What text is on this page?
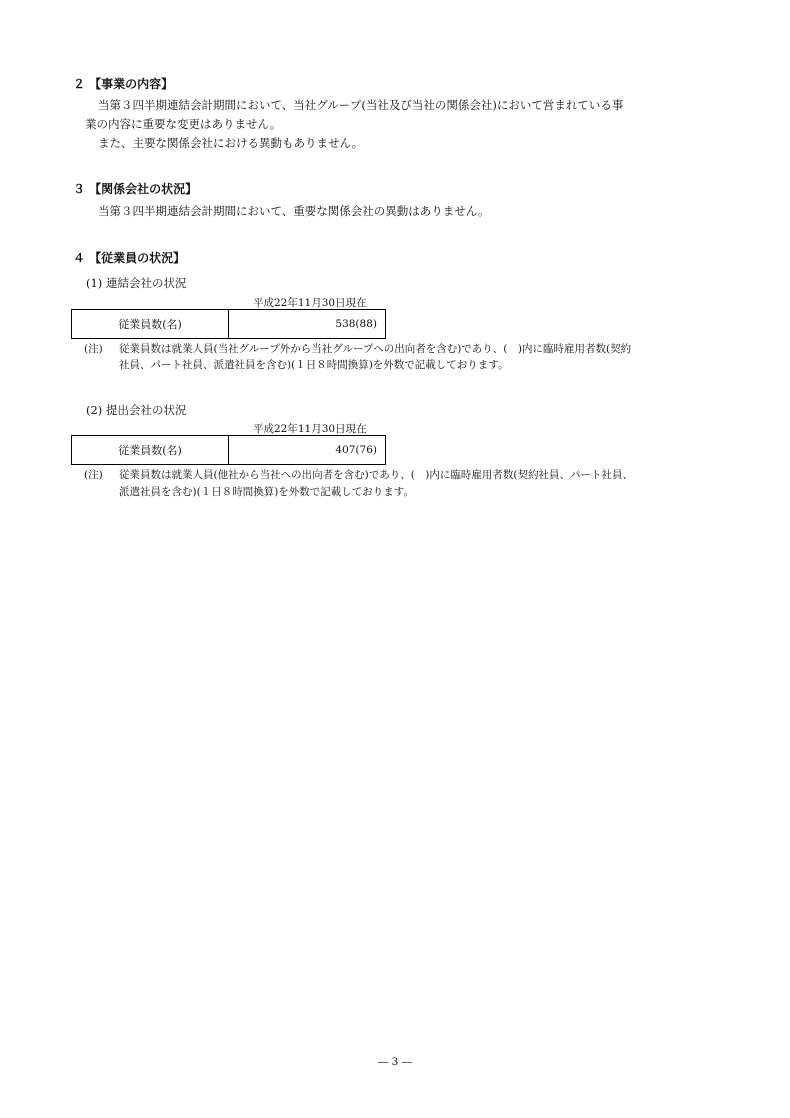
２ 【事業の内容】
当第３四半期連結会計期間において、当社グループ(当社及び当社の関係会社)において営まれている事
業の内容に重要な変更はありません。
また、主要な関係会社における異動もありません。
３ 【関係会社の状況】
当第３四半期連結会計期間において、重要な関係会社の異動はありません。
４ 【従業員の状況】
(1) 連結会社の状況
平成22年11月30日現在
従業員数(名)	538(88)
(注) 従業員数は就業人員(当社グループ外から当社グループへの出向者を含む)であり、(　)内に臨時雇用者数(契約
社員、パート社員、派遣社員を含む)(１日８時間換算)を外数で記載しております。
(2) 提出会社の状況
平成22年11月30日現在
従業員数(名)	407(76)
(注) 従業員数は就業人員(他社から当社への出向者を含む)であり、(　)内に臨時雇用者数(契約社員、パート社員、
派遣社員を含む)(１日８時間換算)を外数で記載しております。
― 3 ―
